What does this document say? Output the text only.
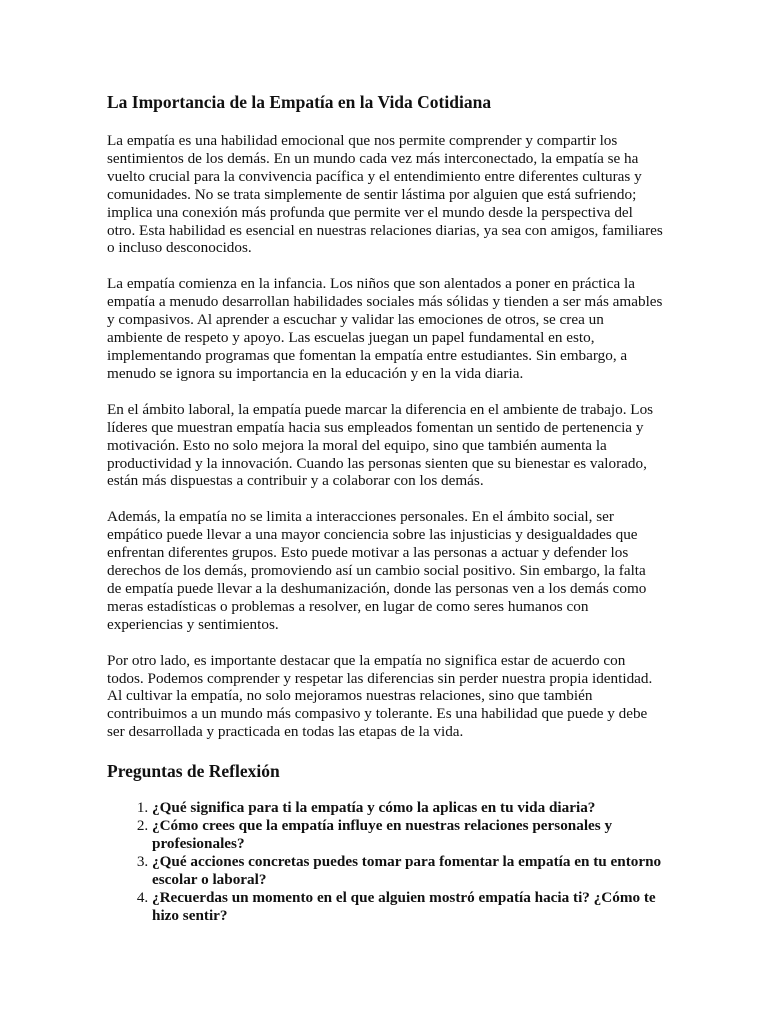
La Importancia de la Empatía en la Vida Cotidiana

La empatía es una habilidad emocional que nos permite comprender y compartir los sentimientos de los demás. En un mundo cada vez más interconectado, la empatía se ha vuelto crucial para la convivencia pacífica y el entendimiento entre diferentes culturas y comunidades. No se trata simplemente de sentir lástima por alguien que está sufriendo; implica una conexión más profunda que permite ver el mundo desde la perspectiva del otro. Esta habilidad es esencial en nuestras relaciones diarias, ya sea con amigos, familiares o incluso desconocidos.

La empatía comienza en la infancia. Los niños que son alentados a poner en práctica la empatía a menudo desarrollan habilidades sociales más sólidas y tienden a ser más amables y compasivos. Al aprender a escuchar y validar las emociones de otros, se crea un ambiente de respeto y apoyo. Las escuelas juegan un papel fundamental en esto, implementando programas que fomentan la empatía entre estudiantes. Sin embargo, a menudo se ignora su importancia en la educación y en la vida diaria.

En el ámbito laboral, la empatía puede marcar la diferencia en el ambiente de trabajo. Los líderes que muestran empatía hacia sus empleados fomentan un sentido de pertenencia y motivación. Esto no solo mejora la moral del equipo, sino que también aumenta la productividad y la innovación. Cuando las personas sienten que su bienestar es valorado, están más dispuestas a contribuir y a colaborar con los demás.

Además, la empatía no se limita a interacciones personales. En el ámbito social, ser empático puede llevar a una mayor conciencia sobre las injusticias y desigualdades que enfrentan diferentes grupos. Esto puede motivar a las personas a actuar y defender los derechos de los demás, promoviendo así un cambio social positivo. Sin embargo, la falta de empatía puede llevar a la deshumanización, donde las personas ven a los demás como meras estadísticas o problemas a resolver, en lugar de como seres humanos con experiencias y sentimientos.

Por otro lado, es importante destacar que la empatía no significa estar de acuerdo con todos. Podemos comprender y respetar las diferencias sin perder nuestra propia identidad. Al cultivar la empatía, no solo mejoramos nuestras relaciones, sino que también contribuimos a un mundo más compasivo y tolerante. Es una habilidad que puede y debe ser desarrollada y practicada en todas las etapas de la vida.

Preguntas de Reflexión
1. ¿Qué significa para ti la empatía y cómo la aplicas en tu vida diaria?
2. ¿Cómo crees que la empatía influye en nuestras relaciones personales y profesionales?
3. ¿Qué acciones concretas puedes tomar para fomentar la empatía en tu entorno escolar o laboral?
4. ¿Recuerdas un momento en el que alguien mostró empatía hacia ti? ¿Cómo te hizo sentir?
